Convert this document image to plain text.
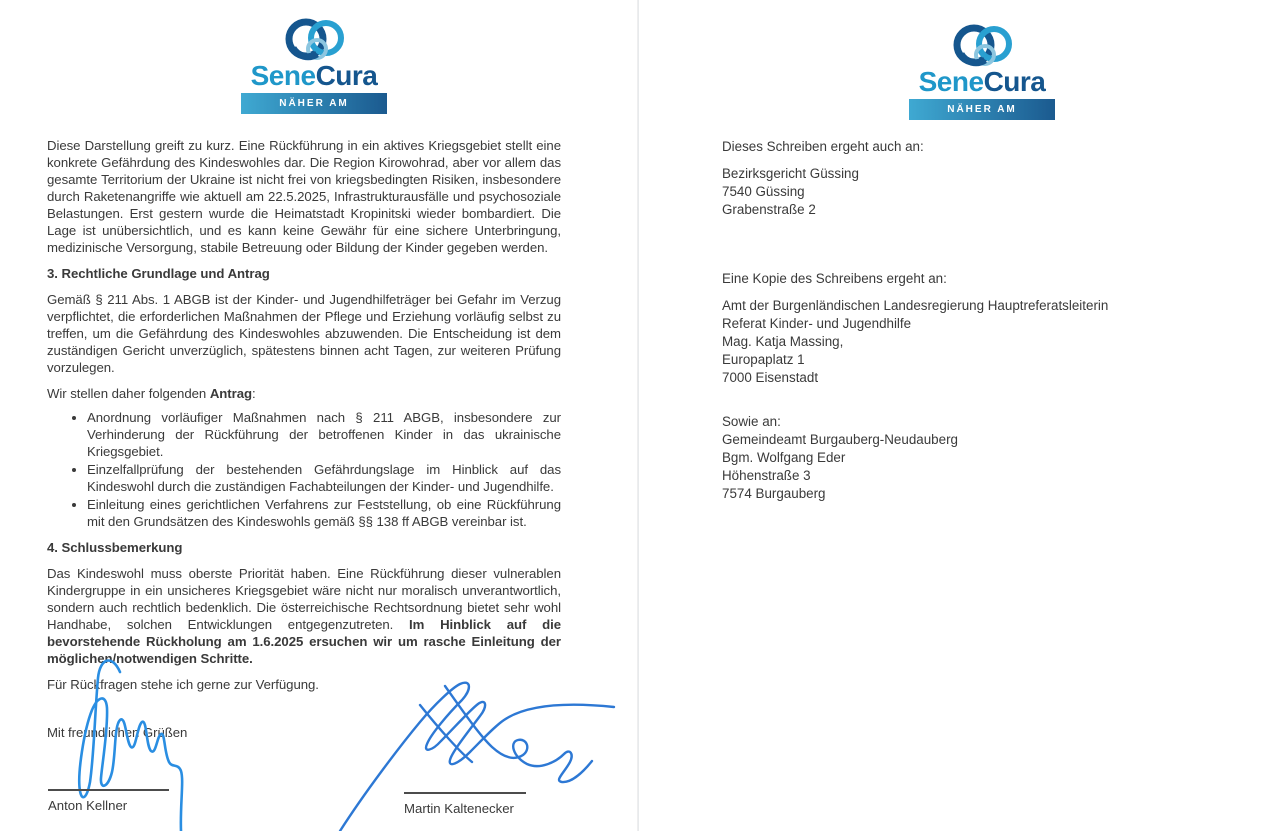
SeneCura
NÄHER AM MENSCHEN

Diese Darstellung greift zu kurz. Eine Rückführung in ein aktives Kriegsgebiet stellt eine konkrete Gefährdung des Kindeswohles dar. Die Region Kirowohrad, aber vor allem das gesamte Territorium der Ukraine ist nicht frei von kriegsbedingten Risiken, insbesondere durch Raketenangriffe wie aktuell am 22.5.2025, Infrastrukturausfälle und psychosoziale Belastungen. Erst gestern wurde die Heimatstadt Kropinitski wieder bombardiert. Die Lage ist unübersichtlich, und es kann keine Gewähr für eine sichere Unterbringung, medizinische Versorgung, stabile Betreuung oder Bildung der Kinder gegeben werden.

3. Rechtliche Grundlage und Antrag

Gemäß § 211 Abs. 1 ABGB ist der Kinder- und Jugendhilfeträger bei Gefahr im Verzug verpflichtet, die erforderlichen Maßnahmen der Pflege und Erziehung vorläufig selbst zu treffen, um die Gefährdung des Kindeswohles abzuwenden. Die Entscheidung ist dem zuständigen Gericht unverzüglich, spätestens binnen acht Tagen, zur weiteren Prüfung vorzulegen.

Wir stellen daher folgenden Antrag:

• Anordnung vorläufiger Maßnahmen nach § 211 ABGB, insbesondere zur Verhinderung der Rückführung der betroffenen Kinder in das ukrainische Kriegsgebiet.
• Einzelfallprüfung der bestehenden Gefährdungslage im Hinblick auf das Kindeswohl durch die zuständigen Fachabteilungen der Kinder- und Jugendhilfe.
• Einleitung eines gerichtlichen Verfahrens zur Feststellung, ob eine Rückführung mit den Grundsätzen des Kindeswohls gemäß §§ 138 ff ABGB vereinbar ist.

4. Schlussbemerkung

Das Kindeswohl muss oberste Priorität haben. Eine Rückführung dieser vulnerablen Kindergruppe in ein unsicheres Kriegsgebiet wäre nicht nur moralisch unverantwortlich, sondern auch rechtlich bedenklich. Die österreichische Rechtsordnung bietet sehr wohl Handhabe, solchen Entwicklungen entgegenzutreten. Im Hinblick auf die bevorstehende Rückholung am 1.6.2025 ersuchen wir um rasche Einleitung der möglichen/notwendigen Schritte.

Für Rückfragen stehe ich gerne zur Verfügung.

Mit freundlichen Grüßen

Anton Kellner	Martin Kaltenecker
SeneCura
NÄHER AM MENSCHEN
Dieses Schreiben ergeht auch an:
Bezirksgericht Güssing
7540 Güssing
Grabenstraße 2
Eine Kopie des Schreibens ergeht an:
Amt der Burgenländischen Landesregierung Hauptreferatsleiterin
Referat Kinder- und Jugendhilfe
Mag. Katja Massing,
Europaplatz 1
7000 Eisenstadt
Sowie an:
Gemeindeamt Burgauberg-Neudauberg
Bgm. Wolfgang Eder
Höhenstraße 3
7574 Burgauberg
